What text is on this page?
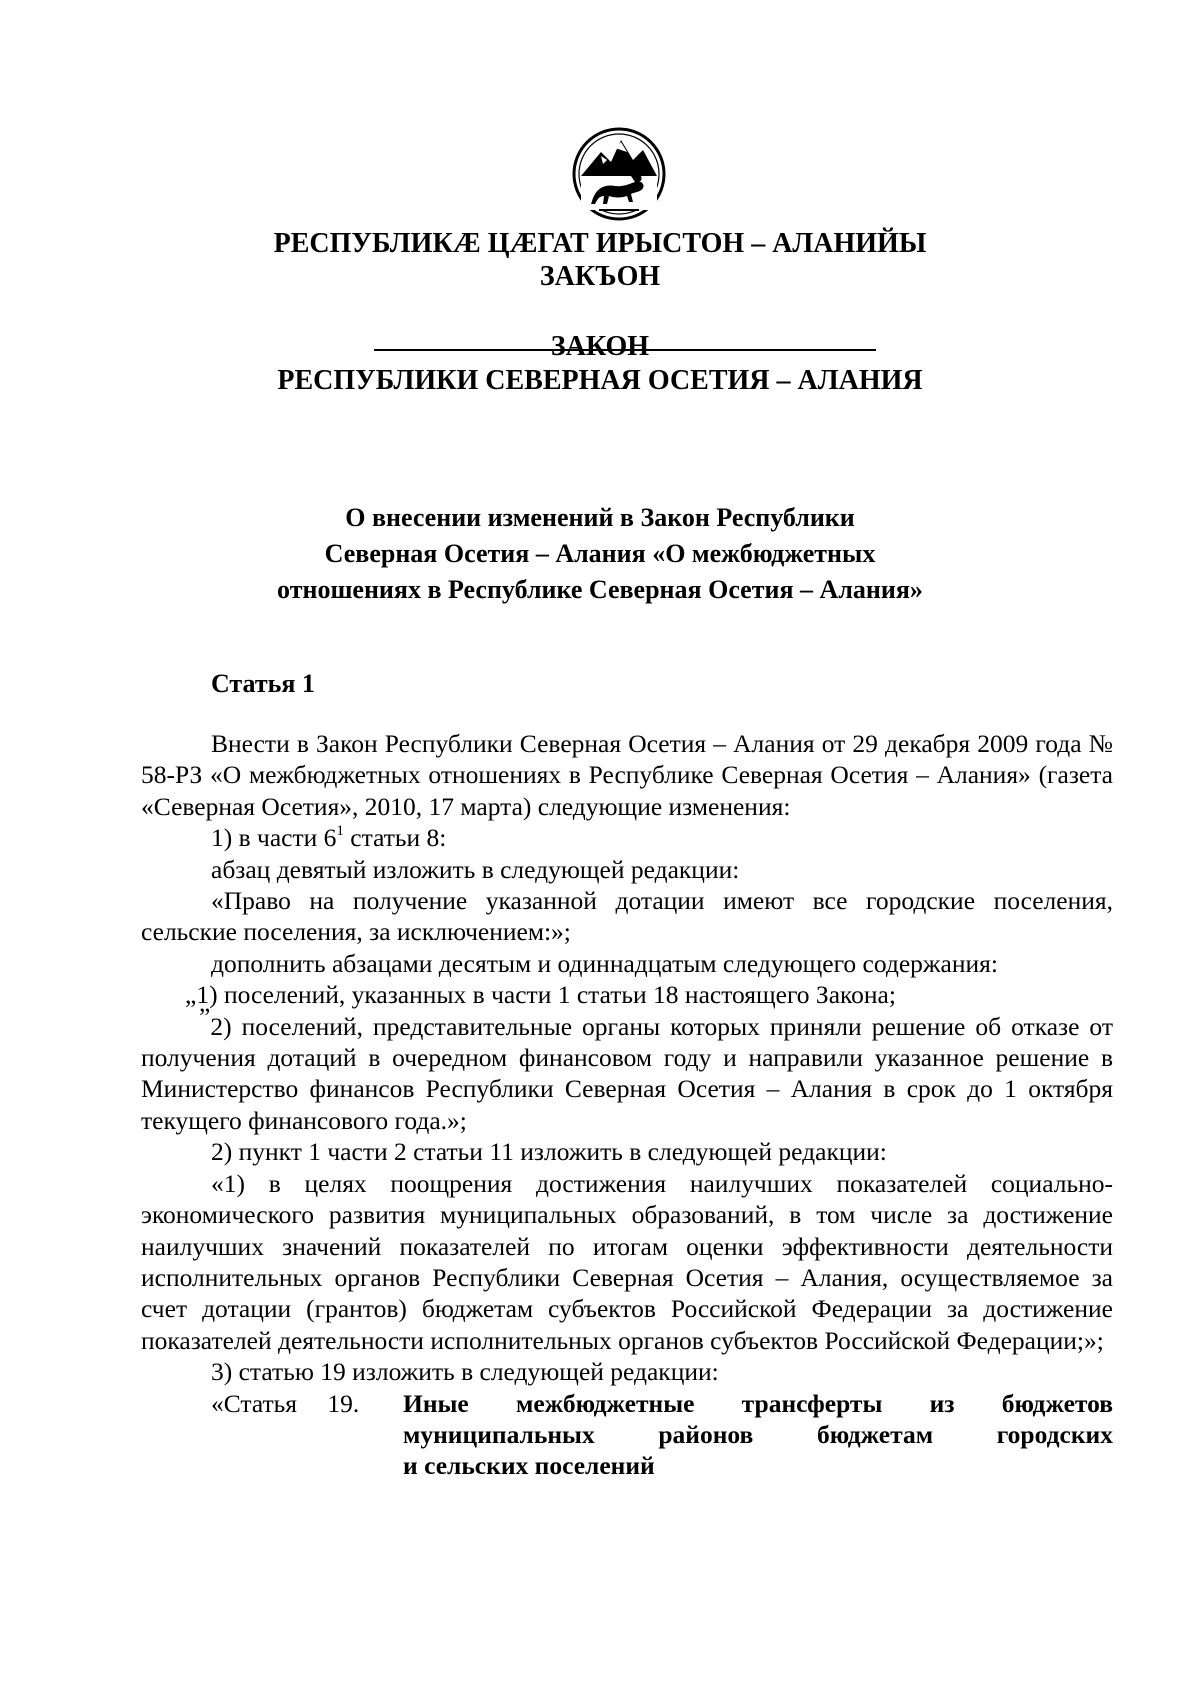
РЕСПУБЛИКÆ ЦÆГАТ ИРЫСТОН – АЛАНИЙЫ
ЗАКЪОН
ЗАКОН
РЕСПУБЛИКИ СЕВЕРНАЯ ОСЕТИЯ – АЛАНИЯ
О внесении изменений в Закон Республики
Северная Осетия – Алания «О межбюджетных
отношениях в Республике Северная Осетия – Алания»
Статья 1

Внести в Закон Республики Северная Осетия – Алания от 29 декабря 2009 года № 58-РЗ «О межбюджетных отношениях в Республике Северная Осетия – Алания» (газета «Северная Осетия», 2010, 17 марта) следующие изменения:

1) в части $6^1$ статьи 8:

абзац девятый изложить в следующей редакции:

«Право на получение указанной дотации имеют все городские поселения, сельские поселения, за исключением:»;

дополнить абзацами десятым и одиннадцатым следующего содержания:

„1) поселений, указанных в части 1 статьи 18 настоящего Закона;

”2) поселений, представительные органы которых приняли решение об отказе от получения дотаций в очередном финансовом году и направили указанное решение в Министерство финансов Республики Северная Осетия – Алания в срок до 1 октября текущего финансового года.»;

2) пункт 1 части 2 статьи 11 изложить в следующей редакции:

«1) в целях поощрения достижения наилучших показателей социально-экономического развития муниципальных образований, в том числе за достижение наилучших значений показателей по итогам оценки эффективности деятельности исполнительных органов Республики Северная Осетия – Алания, осуществляемое за счет дотации (грантов) бюджетам субъектов Российской Федерации за достижение показателей деятельности исполнительных органов субъектов Российской Федерации;»;

3) статью 19 изложить в следующей редакции:

«Статья 19.	Иные межбюджетные трансферты из бюджетов
муниципальных районов бюджетам городских
и сельских поселений
